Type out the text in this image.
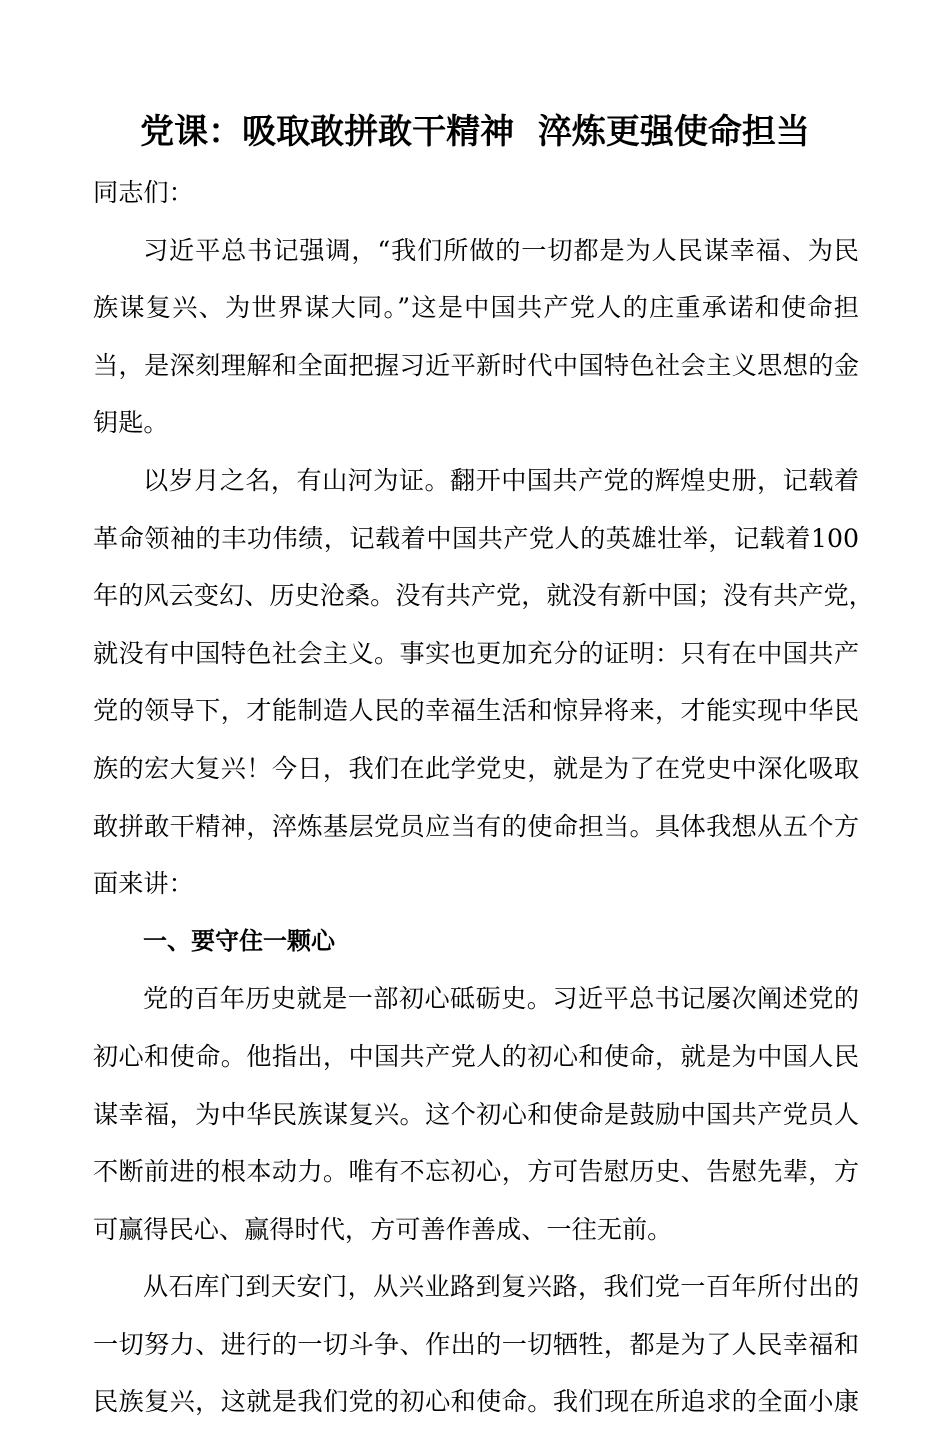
党课：吸取敢拼敢干精神  淬炼更强使命担当
同志们：
习近平总书记强调，“我们所做的一切都是为人民谋幸福、为民
族谋复兴、为世界谋大同。”这是中国共产党人的庄重承诺和使命担
当，是深刻理解和全面把握习近平新时代中国特色社会主义思想的金
钥匙。
以岁月之名，有山河为证。翻开中国共产党的辉煌史册，记载着
革命领袖的丰功伟绩，记载着中国共产党人的英雄壮举，记载着100
年的风云变幻、历史沧桑。没有共产党，就没有新中国；没有共产党，
就没有中国特色社会主义。事实也更加充分的证明：只有在中国共产
党的领导下，才能制造人民的幸福生活和惊异将来，才能实现中华民
族的宏大复兴！今日，我们在此学党史，就是为了在党史中深化吸取
敢拼敢干精神，淬炼基层党员应当有的使命担当。具体我想从五个方
面来讲：
一、要守住一颗心
党的百年历史就是一部初心砥砺史。习近平总书记屡次阐述党的
初心和使命。他指出，中国共产党人的初心和使命，就是为中国人民
谋幸福，为中华民族谋复兴。这个初心和使命是鼓励中国共产党员人
不断前进的根本动力。唯有不忘初心，方可告慰历史、告慰先辈，方
可赢得民心、赢得时代，方可善作善成、一往无前。
从石库门到天安门，从兴业路到复兴路，我们党一百年所付出的
一切努力、进行的一切斗争、作出的一切牺牲，都是为了人民幸福和
民族复兴，这就是我们党的初心和使命。我们现在所追求的全面小康
